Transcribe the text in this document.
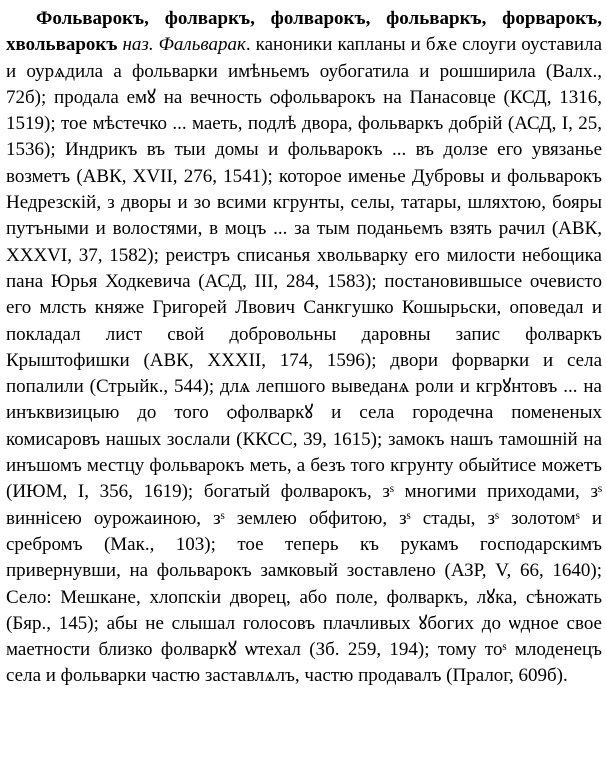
Фольварокъ, фолваркъ, фолварокъ, фольваркъ, форварокъ, хвольварокъ наз. Фальварак. каноники капланы и бѫе слоуги оуставила и оурѧдила а фольварки имѣньемъ оубогатила и рошширила (Валх., 72б); продала емꙋ на вечность ѻфольварокъ на Панасовце (КСД, 1316, 1519); тое мѣстечко ... маеть, подлѣ двора, фольваркъ добрій (АСД, I, 25, 1536); Индрикъ въ тыи домы и фольварокъ ... въ долзе его увязанье возметъ (АВК, XVII, 276, 1541); которое именье Дубровы и фольварокъ Недрезскій, з дворы и зо всими кгрунты, селы, татары, шляхтою, бояры путъными и волостями, в моцъ ... за тым поданьемъ взять рачил (АВК, XXXVI, 37, 1582); реистръ списанья хвольварку его милости небощика пана Юрья Ходкевича (АСД, III, 284, 1583); постановившысе очевисто его млсть княже Григорей Лвович Санкгушко Кошырьски, оповедал и покладал лист свой добровольны даровны запис фолваркъ Крыштофишки (АВК, XXXII, 174, 1596); двори форварки и села попалили (Стрыйк., 544); длѧ лепшого выведанѧ роли и кгрꙋнтовъ ... на инъквизицыю до того ѻфолваркꙋ и села городечна помененых комисаровъ нашых зослали (ККСС, 39, 1615); замокъ нашъ тамошній на инъшомъ местцу фольварокъ меть, а безъ того кгрунту обыйтисе можетъ (ИЮМ, I, 356, 1619); богатый фолварокъ, зˢ многими приходами, зˢ виннicею оурожаиною, зˢ землею обфитою, зˢ стады, зˢ золотомˢ и сребромъ (Мак., 103); тое теперь къ рукамъ господарскимъ привернувши, на фольварокъ замковый зоставлено (АЗР, V, 66, 1640); Село: Мешкане, хлопскіи дворец, або поле, фолваркъ, лꙋка, сѣножать (Бяр., 145); абы не слышал голосовъ плачливых ꙋбогих до ѡдное свое маетности близко фолваркꙋ ѡтехал (Зб. 259, 194); тому тоˢ млоденецъ села и фольварки частю заставлѧлъ, частю продавалъ (Пралог, 609б).
